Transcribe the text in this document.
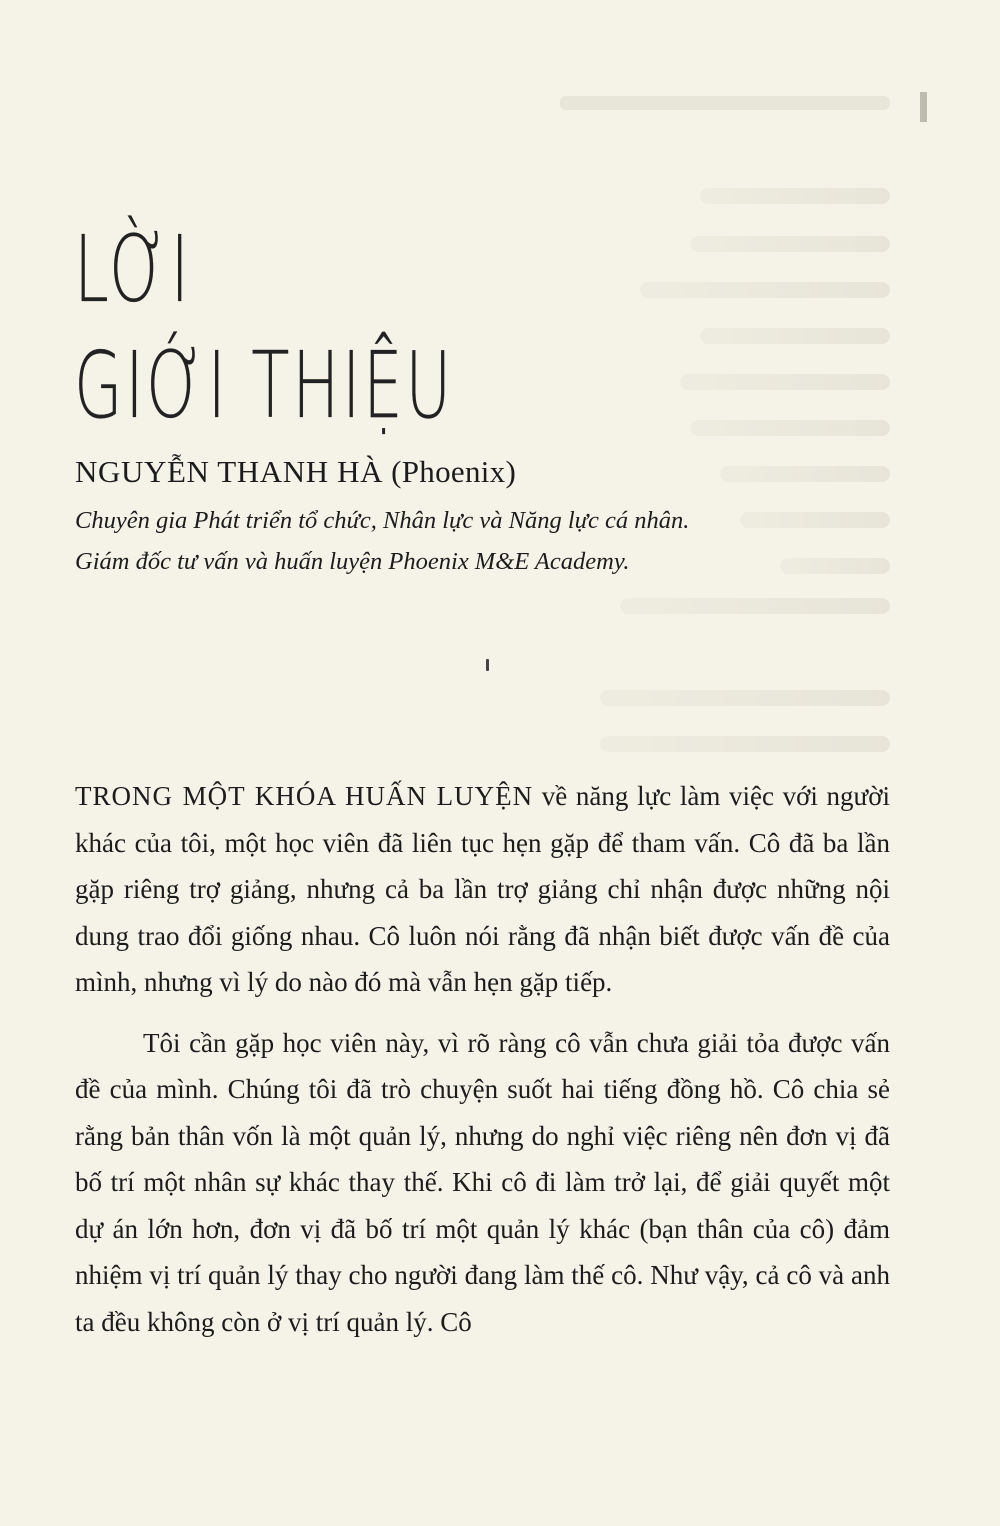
LỜI
GIỚI THIỆU
NGUYỄN THANH HÀ (Phoenix)
Chuyên gia Phát triển tổ chức, Nhân lực và Năng lực cá nhân.
Giám đốc tư vấn và huấn luyện Phoenix M&E Academy.

TRONG MỘT KHÓA HUẤN LUYỆN về năng lực làm việc với người khác của tôi, một học viên đã liên tục hẹn gặp để tham vấn. Cô đã ba lần gặp riêng trợ giảng, nhưng cả ba lần trợ giảng chỉ nhận được những nội dung trao đổi giống nhau. Cô luôn nói rằng đã nhận biết được vấn đề của mình, nhưng vì lý do nào đó mà vẫn hẹn gặp tiếp.

Tôi cần gặp học viên này, vì rõ ràng cô vẫn chưa giải tỏa được vấn đề của mình. Chúng tôi đã trò chuyện suốt hai tiếng đồng hồ. Cô chia sẻ rằng bản thân vốn là một quản lý, nhưng do nghỉ việc riêng nên đơn vị đã bố trí một nhân sự khác thay thế. Khi cô đi làm trở lại, để giải quyết một dự án lớn hơn, đơn vị đã bố trí một quản lý khác (bạn thân của cô) đảm nhiệm vị trí quản lý thay cho người đang làm thế cô. Như vậy, cả cô và anh ta đều không còn ở vị trí quản lý. Cô
